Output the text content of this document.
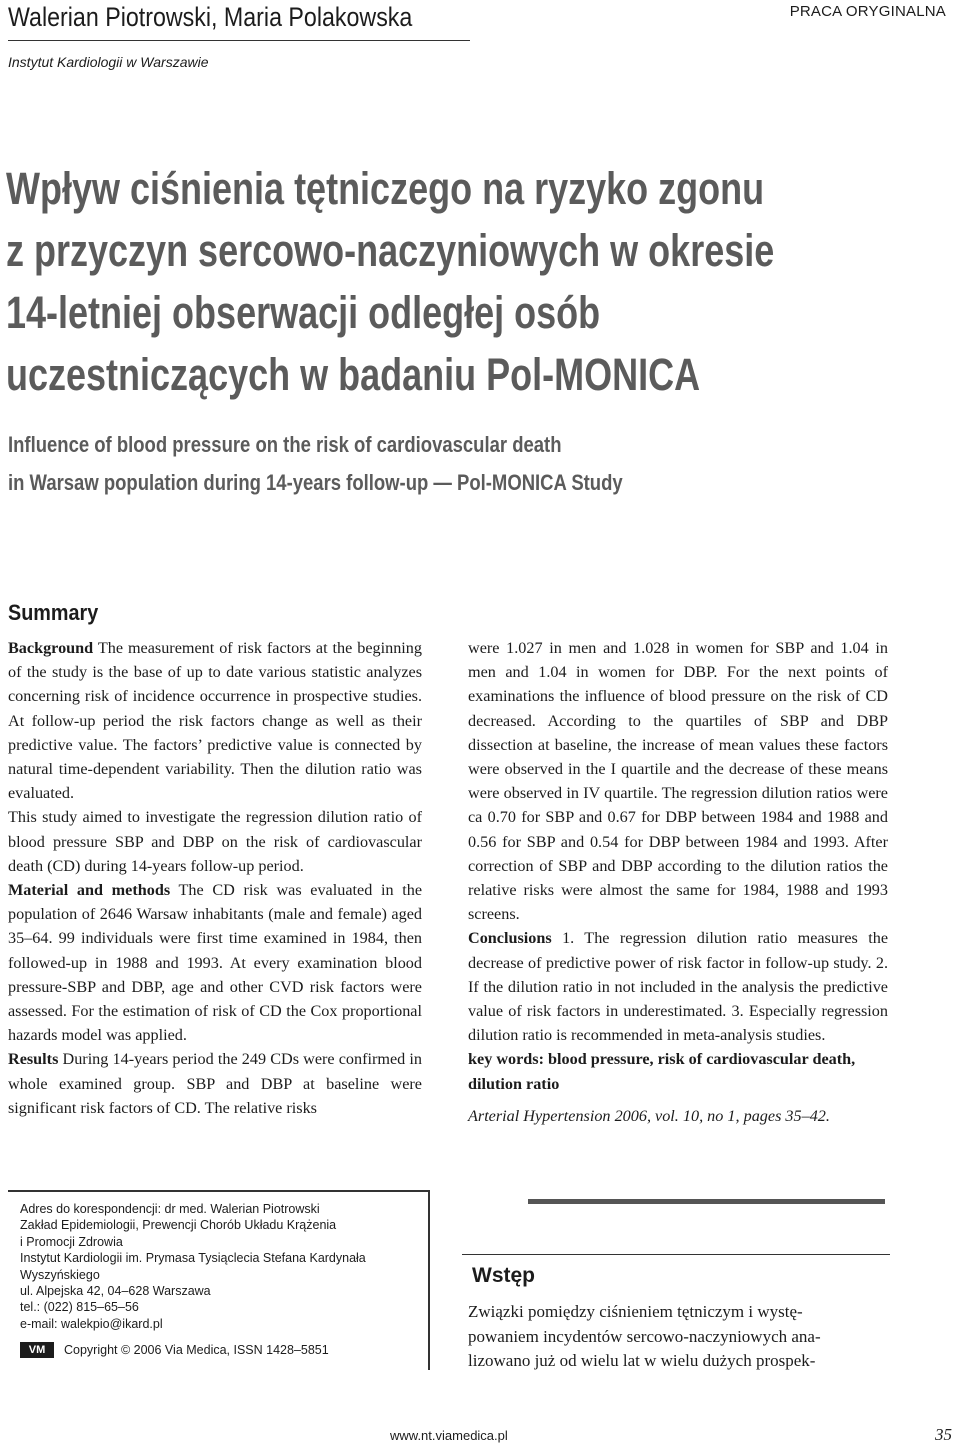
Walerian Piotrowski, Maria Polakowska	PRACA ORYGINALNA
Instytut Kardiologii w Warszawie
Wpływ ciśnienia tętniczego na ryzyko zgonu
z przyczyn sercowo-naczyniowych w okresie
14-letniej obserwacji odległej osób
uczestniczących w badaniu Pol-MONICA
Influence of blood pressure on the risk of cardiovascular death
in Warsaw population during 14-years follow-up — Pol-MONICA Study
Summary

Background The measurement of risk factors at the beginning of the study is the base of up to date various statistic analyzes concerning risk of incidence occurrence in prospective studies. At follow-up period the risk factors change as well as their predictive value. The factors’ predictive value is connected by natural time-dependent variability. Then the dilution ratio was evaluated.

This study aimed to investigate the regression dilution ratio of blood pressure SBP and DBP on the risk of cardiovascular death (CD) during 14-years follow-up period.

Material and methods The CD risk was evaluated in the population of 2646 Warsaw inhabitants (male and female) aged 35–64. 99 individuals were first time examined in 1984, then followed-up in 1988 and 1993. At every examination blood pressure-SBP and DBP, age and other CVD risk factors were assessed. For the estimation of risk of CD the Cox proportional hazards model was applied.

Results During 14-years period the 249 CDs were confirmed in whole examined group. SBP and DBP at baseline were significant risk factors of CD. The relative risks

were 1.027 in men and 1.028 in women for SBP and 1.04 in men and 1.04 in women for DBP. For the next points of examinations the influence of blood pressure on the risk of CD decreased. According to the quartiles of SBP and DBP dissection at baseline, the increase of mean values these factors were observed in the I quartile and the decrease of these means were observed in IV quartile. The regression dilution ratios were ca 0.70 for SBP and 0.67 for DBP between 1984 and 1988 and 0.56 for SBP and 0.54 for DBP between 1984 and 1993. After correction of SBP and DBP according to the dilution ratios the relative risks were almost the same for 1984, 1988 and 1993 screens.

Conclusions 1. The regression dilution ratio measures the decrease of predictive power of risk factor in follow-up study. 2. If the dilution ratio in not included in the analysis the predictive value of risk factors in underestimated. 3. Especially regression dilution ratio is recommended in meta-analysis studies.

key words: blood pressure, risk of cardiovascular death, dilution ratio

Arterial Hypertension 2006, vol. 10, no 1, pages 35–42.

Adres do korespondencji: dr med. Walerian Piotrowski
Zakład Epidemiologii, Prewencji Chorób Układu Krążenia
i Promocji Zdrowia
Instytut Kardiologii im. Prymasa Tysiąclecia Stefana Kardynała
Wyszyńskiego
ul. Alpejska 42, 04–628 Warszawa
tel.: (022) 815–65–56
e-mail: walekpio@ikard.pl
VM	Copyright © 2006 Via Medica, ISSN 1428–5851
Wstęp
Związki pomiędzy ciśnieniem tętniczym i wystę-
powaniem incydentów sercowo-naczyniowych ana-
lizowano już od wielu lat w wielu dużych prospek-
www.nt.viamedica.pl	35
